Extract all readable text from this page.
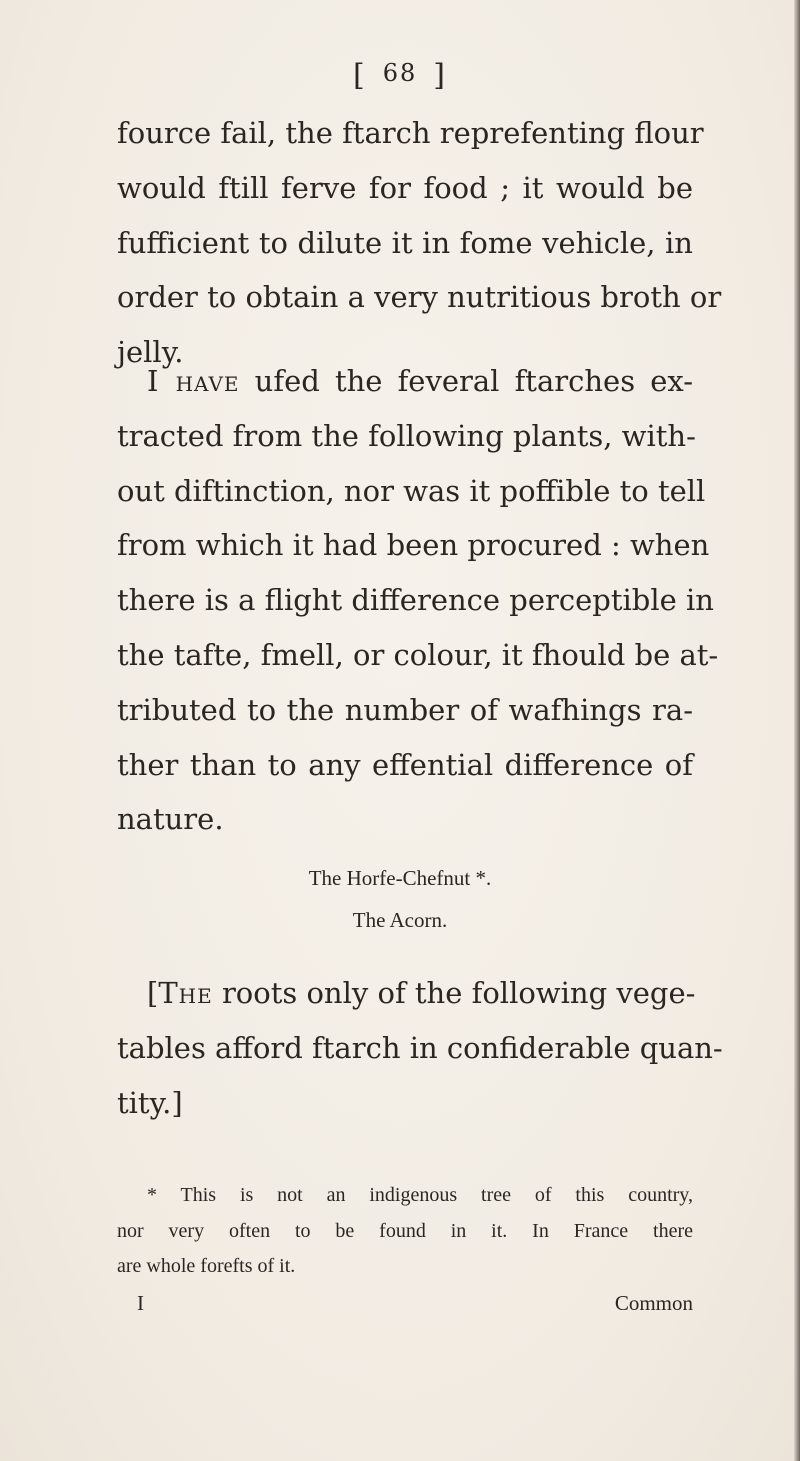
[ 68 ]
fource fail, the ftarch reprefenting flour
would ftill ferve for food ; it would be
fufficient to dilute it in fome vehicle, in
order to obtain a very nutritious broth or
jelly.
I have ufed the feveral ftarches ex-
tracted from the following plants, with-
out diftinction, nor was it poffible to tell
from which it had been procured : when
there is a flight difference perceptible in
the tafte, fmell, or colour, it fhould be at-
tributed to the number of wafhings ra-
ther than to any effential difference of
nature.
The Horfe-Chefnut *.
The Acorn.
[The roots only of the following vege-
tables afford ftarch in confiderable quan-
tity.]
* This is not an indigenous tree of this country,
nor very often to be found in it. In France there
are whole forefts of it.
I	Common
